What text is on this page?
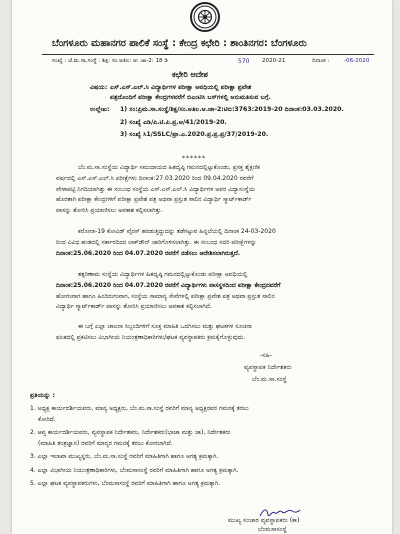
ಬೆಂಗಳೂರು ಮಹಾನಗರ ಪಾಲಿಕೆ ಸಂಸ್ಥೆ : ಕೇಂದ್ರ ಕಛೇರಿ : ಶಾಂತಿನಗರ: ಬೆಂಗಳೂರು
ಸಂಖ್ಯೆ : ಜೆ.ಮ.ಸಾ.ಸಂಸ್ಥೆ : ಶಿಕ್ಷ: ಸಂ.ಅತಿಲ: ಆ: ಜಾ-2: 18 ಡಿ	570 2020-21	ದಿನಾಂಕ :	-06-2020
ಕಛೇರಿ ಆದೇಶ
ವಿಷಯ: ಎಸ್.ಎಸ್.ಎಲ್.ಸಿ ವಿದ್ಯಾರ್ಥಿಗಳ ಪರೀಕ್ಷಾ ಅವಧಿಯಲ್ಲಿ ಪರೀಕ್ಷಾ ಪ್ರವೇಶ
ಪತ್ರದೊಂದಿಗೆ ಪರೀಕ್ಷಾ ಕೇಂದ್ರಗಳವರೆಗೆ ಬಿಎಂಟಿಸಿ ಬಸ್‌ಗಳಲ್ಲಿ ಅನುಮತಿಸುವ ಬಗ್ಗೆ.
ಉಲ್ಲೇಖ: 1) ಸಂ:ಪ್ರಿಮ.ಸಾ.ಸಂಸ್ಥೆ/ಶಿಕ್ಷ/ಸಂ.ಅತಿಲ.ಆ.ಜಾ-2:ಟಿಬಿ:3763:2019-20 ದಿನಾಂಕ:03.03.2020.
2) ಸಂಖ್ಯೆ ಎಡಿ/ಪಿ.ಟಿ.ಪಿ.ಪ್ರ.ಆ/41/2019-20.
3) ಸಂಖ್ಯೆ ಸಿ1/SSLC/ಪ್ರಾ.ಎ.2020.ಪ್ರ.ಪ್ರ.ಪ್ರ/37/2019-20.
******
ಬೆಂ.ಮ.ಸಾ.ಸಂಸ್ಥೆಯ ವಿದ್ಯಾರ್ಥಿ ಸಮುದಾಯದ ಹಿತದೃಷ್ಠಿ ಗಮನದಲ್ಲಿಟ್ಟುಕೊಂಡು, ಪ್ರಸಕ್ತ ಶೈಕ್ಷಣಿಕ
ವರ್ಷದಲ್ಲಿ ಎಸ್.ಎಸ್.ಎಲ್.ಸಿ ಪರೀಕ್ಷೆಗಳು ದಿನಾಂಕ:27.03.2020 ರಿಂದ 09.04.2020 ರವರೆಗೆ
ವೇಳಾಪಟ್ಟಿ ನಿಗದಿಯಾಗಿತ್ತು ಈ ಸಂಬಂಧ ಸಂಸ್ಥೆಯ ಎಸ್.ಎಸ್.ಎಲ್.ಸಿ ವಿದ್ಯಾರ್ಥಿಗಳ ಅವರ ವಿದ್ಯಾಸಂಸ್ಥೆಯ
ಹೊರತಾಗಿ ಪರೀಕ್ಷಾ ಕೇಂದ್ರಗಳಿಗೆ ಪರೀಕ್ಷಾ ಪ್ರವೇಶ ಪತ್ರ ಅಥವಾ ಪ್ರಸ್ತುತ ಸಾಲಿನ ವಿದ್ಯಾರ್ಥಿ ಸ್ಮಾರ್ಟ್‌ಕಾರ್ಡ್
ಪಾಸನ್ನು ತೋರಿಸಿ ಪ್ರಯಾಣಿಸಲು ಅವಕಾಶ ಕಲ್ಪಿಸಲಾಗಿತ್ತು.
ಕರೋನಾ-19 ಕೋವಿಡ್ ವೈರಸ್ ಹರಡುತ್ತಿದ್ದುದನ್ನು ತಡೆಗಟ್ಟುವ ಹಿನ್ನಲೆಯಲ್ಲಿ ದಿನಾಂಕ 24-03-2020
ರಿಂದ ವಿವಿಧ ಹಂತದಲ್ಲಿ ಸರ್ಕಾರದಿಂದ ಲಾಕ್‌ಡೌನ್ ಜಾರಿಗೊಳಿಸಲಾಗಿತ್ತು. ಈ ಸಂಬಂಧ ಸದರಿ ಪರೀಕ್ಷೆಗಳನ್ನು
ದಿನಾಂಕ:25.06.2020 ರಿಂದ 04.07.2020 ರವರೆಗೆ ನಡೆಸಲು ಆದೇಶಿಸಲಾಗಿರುತ್ತದೆ.
ತತ್ಪರಿಣಾಮ ಸಂಸ್ಥೆಯ ವಿದ್ಯಾರ್ಥಿಗಳ ಹಿತದೃಷ್ಠಿ ಗಮನದಲ್ಲಿಟ್ಟುಕೊಂಡು ಪರೀಕ್ಷಾ ಅವಧಿಯಲ್ಲಿ
ದಿನಾಂಕ:25.06.2020 ರಿಂದ 04.07.2020 ರವರೆಗೆ ವಿದ್ಯಾರ್ಥಿಗಳು ವಾಸಸ್ಥಳದಿಂದ ಪರೀಕ್ಷಾ ಕೇಂದ್ರದವರೆಗೆ
ಹೋಗುವಾಗ ಹಾಗೂ ಹಿಂದಿರುಗುವಾಗ, ಸಂಸ್ಥೆಯ ಸಾಮಾನ್ಯ ಸೇವೆಗಳಲ್ಲಿ ಪರೀಕ್ಷಾ ಪ್ರವೇಶ ಪತ್ರ ಅಥವಾ ಪ್ರಸ್ತುತ ಸಾಲಿನ
ವಿದ್ಯಾರ್ಥಿ ಸ್ಮಾರ್ಟ್‌ಕಾರ್ಡ್ ಪಾಸನ್ನು ತೋರಿಸಿ ಪ್ರಯಾಣಿಸಲು ಅವಕಾಶ ಕಲ್ಪಿಸಲಾಗಿದೆ.
ಈ ಬಗ್ಗೆ ಎಲ್ಲಾ ಚಾಲನಾ ಸಿಬ್ಬಂದಿಗಳಿಗೆ ಸೂಕ್ತ ಮಾಹಿತಿ ಒದಗಿಸಲು ಮತ್ತು ಘಟಕಗಳ ಸೂಚನಾ
ಫಲಕದಲ್ಲಿ ಪ್ರಕಟಿಸಲು ವಿಭಾಗೀಯ ನಿಯಂತ್ರಣಾಧಿಕಾರಿಗಳು/ಘಟಕ ವ್ಯವಸ್ಥಾಪಕರು ಕ್ರಮಕೈಗೊಳ್ಳುವುದು.
-ಸಹಿ-
ವ್ಯವಸ್ಥಾಪಕ ನಿರ್ದೇಶಕರು
ಬೆಂ.ಮ.ಸಾ.ಸಂಸ್ಥೆ
ಪ್ರತಿಯನ್ನು :
1. ಅಧ್ಯಕ್ಷ ಕಾರ್ಯದರ್ಶಿಯವರು, ಮಾನ್ಯ ಅಧ್ಯಕ್ಷರು, ಬೆಂ.ಮ.ಸಾ.ಸಂಸ್ಥೆ ರವರಿಗೆ ಮಾನ್ಯ ಅಧ್ಯಕ್ಷರವರ ಗಮನಕ್ಕೆ ತರಲು
ಕೋರಿದೆ.
2. ಆಪ್ತ ಕಾರ್ಯದರ್ಶಿಯವರು, ವ್ಯವಸ್ಥಾಪಕ ನಿರ್ದೇಶಕರು, ನಿರ್ದೇಶಕರು(ಭಾಜಾ ಮತ್ತು ಜಾ), ನಿರ್ದೇಶಕರು
(ಮಾಹಿತಿ ತಂತ್ರಜ್ಞಾನ) ರವರಿಗೆ ಮಾನ್ಯರ ಗಮನಕ್ಕೆ ತರಲು ಕೋರಲಾಗಿದೆ.
3. ಎಲ್ಲಾ ಇಲಾಖಾ ಮುಖ್ಯಸ್ಥರು, ಬೆಂ.ಮ.ಸಾ.ಸಂಸ್ಥೆ ರವರಿಗೆ ಮಾಹಿತಿಗಾಗಿ ಹಾಗೂ ಅಗತ್ಯ ಕ್ರಮಕ್ಕಾಗಿ.
4. ಎಲ್ಲಾ ವಿಭಾಗೀಯ ನಿಯಂತ್ರಣಾಧಿಕಾರಿಗಳು, ಬೆಂಮಸಾಸಂಸ್ಥೆ ರವರಿಗೆ ಮಾಹಿತಿಗಾಗಿ ಹಾಗೂ ಅಗತ್ಯ ಕ್ರಮಕ್ಕಾಗಿ.
5. ಎಲ್ಲಾ ಘಟಕ ವ್ಯವಸ್ಥಾಪಕರುಗಳು, ಬೆಂಮಸಾಸಂಸ್ಥೆ ರವರಿಗೆ ಮಾಹಿತಿಗಾಗಿ ಹಾಗೂ ಅಗತ್ಯ ಕ್ರಮಕ್ಕಾಗಿ.
ಮುಖ್ಯ ಸಂಚಾರ ವ್ಯವಸ್ಥಾಪಕರು (ಕಾ)
ಬೆಂಮಸಾಸಂಸ್ಥೆ
